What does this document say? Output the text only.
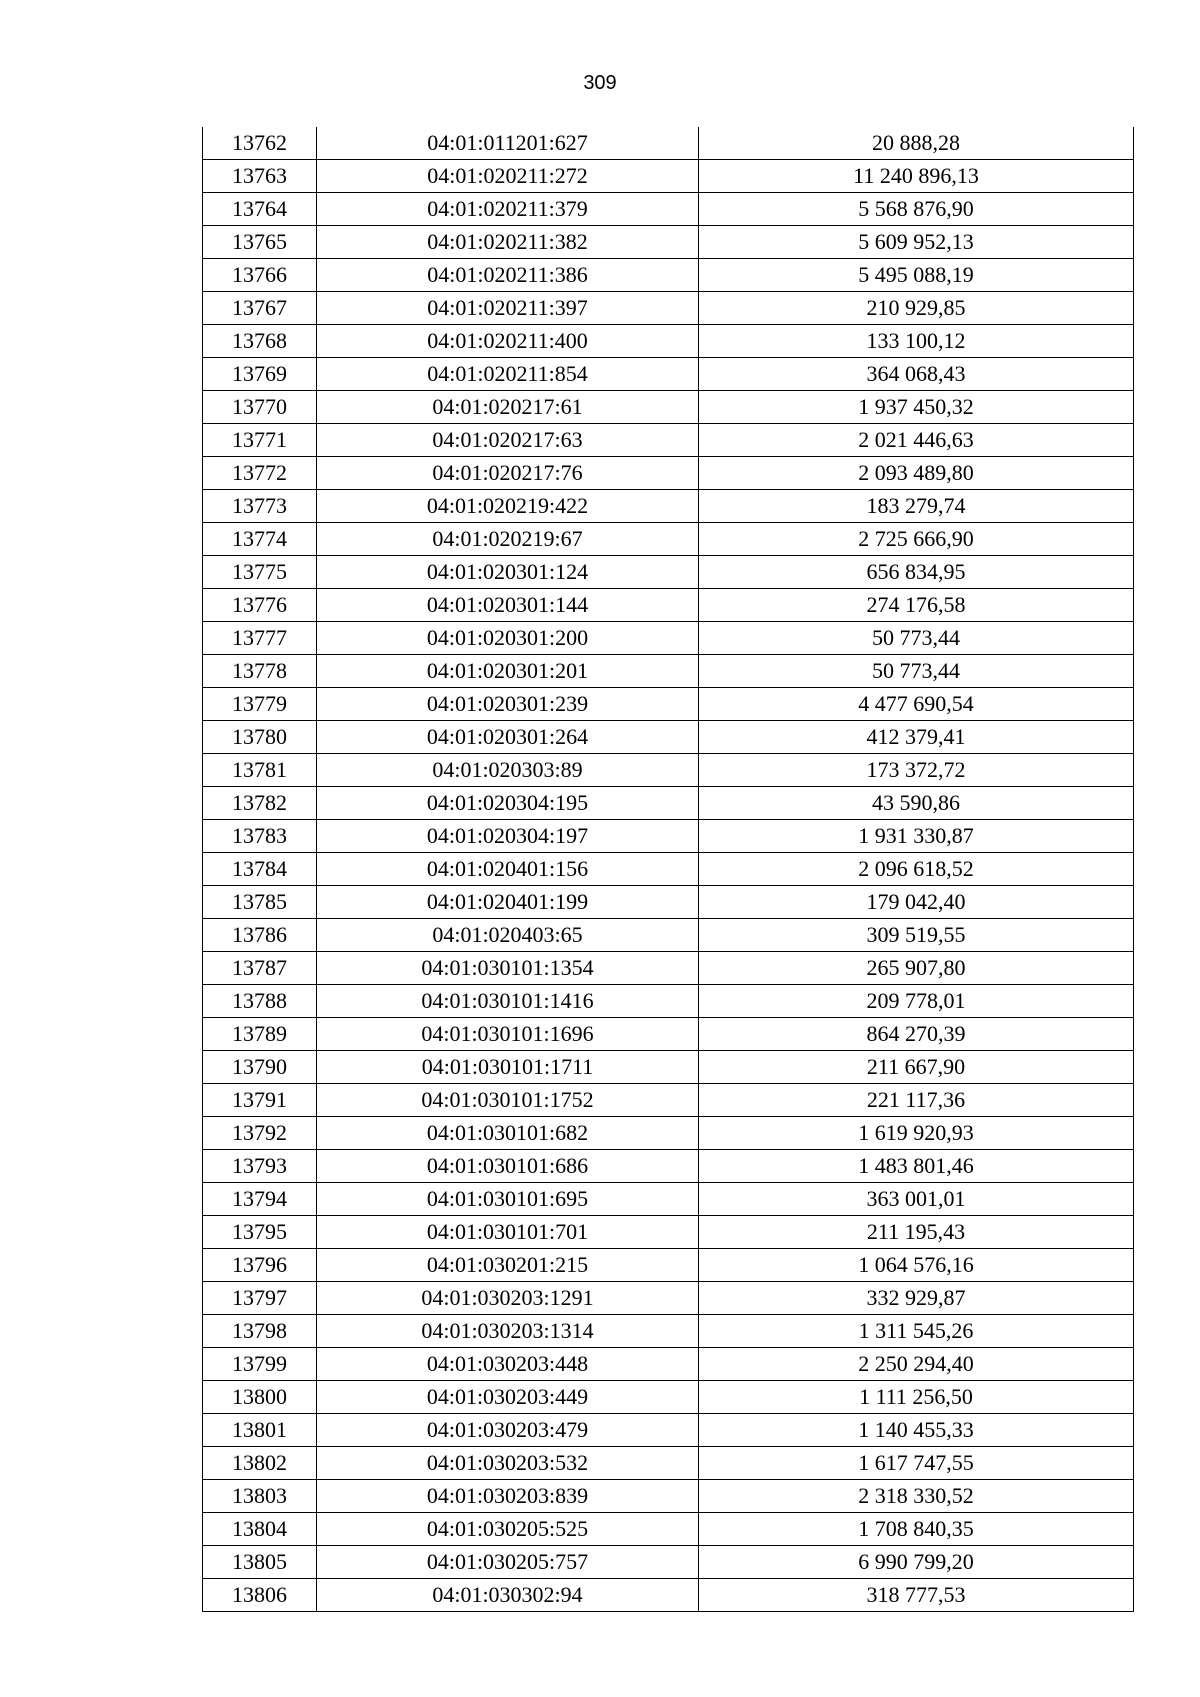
309
13762	04:01:011201:627	20 888,28
13763	04:01:020211:272	11 240 896,13
13764	04:01:020211:379	5 568 876,90
13765	04:01:020211:382	5 609 952,13
13766	04:01:020211:386	5 495 088,19
13767	04:01:020211:397	210 929,85
13768	04:01:020211:400	133 100,12
13769	04:01:020211:854	364 068,43
13770	04:01:020217:61	1 937 450,32
13771	04:01:020217:63	2 021 446,63
13772	04:01:020217:76	2 093 489,80
13773	04:01:020219:422	183 279,74
13774	04:01:020219:67	2 725 666,90
13775	04:01:020301:124	656 834,95
13776	04:01:020301:144	274 176,58
13777	04:01:020301:200	50 773,44
13778	04:01:020301:201	50 773,44
13779	04:01:020301:239	4 477 690,54
13780	04:01:020301:264	412 379,41
13781	04:01:020303:89	173 372,72
13782	04:01:020304:195	43 590,86
13783	04:01:020304:197	1 931 330,87
13784	04:01:020401:156	2 096 618,52
13785	04:01:020401:199	179 042,40
13786	04:01:020403:65	309 519,55
13787	04:01:030101:1354	265 907,80
13788	04:01:030101:1416	209 778,01
13789	04:01:030101:1696	864 270,39
13790	04:01:030101:1711	211 667,90
13791	04:01:030101:1752	221 117,36
13792	04:01:030101:682	1 619 920,93
13793	04:01:030101:686	1 483 801,46
13794	04:01:030101:695	363 001,01
13795	04:01:030101:701	211 195,43
13796	04:01:030201:215	1 064 576,16
13797	04:01:030203:1291	332 929,87
13798	04:01:030203:1314	1 311 545,26
13799	04:01:030203:448	2 250 294,40
13800	04:01:030203:449	1 111 256,50
13801	04:01:030203:479	1 140 455,33
13802	04:01:030203:532	1 617 747,55
13803	04:01:030203:839	2 318 330,52
13804	04:01:030205:525	1 708 840,35
13805	04:01:030205:757	6 990 799,20
13806	04:01:030302:94	318 777,53
